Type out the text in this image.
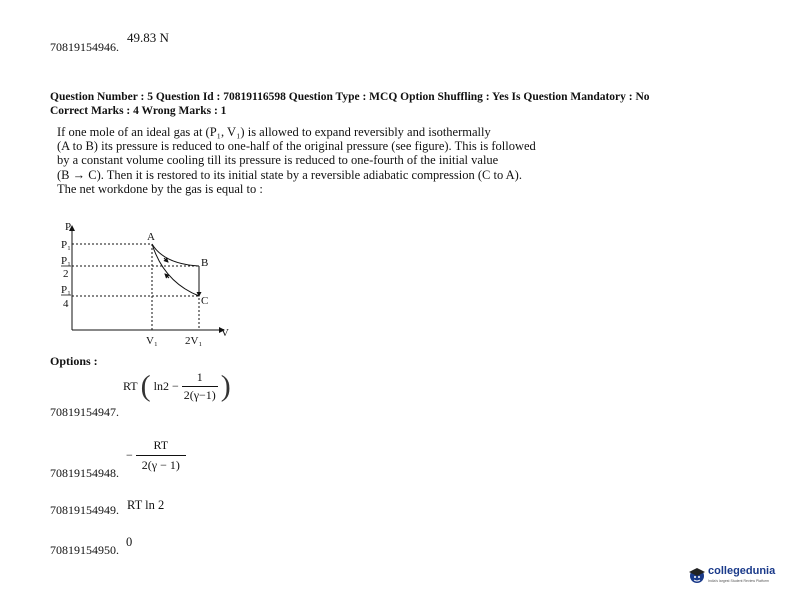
70819154946.
49.83 N
Question Number : 5 Question Id : 70819116598 Question Type : MCQ Option Shuffling : Yes Is Question Mandatory : No
Correct Marks : 4 Wrong Marks : 1
If one mole of an ideal gas at (P₁, V₁) is allowed to expand reversibly and isothermally
(A to B) its pressure is reduced to one-half of the original pressure (see figure). This is followed
by a constant volume cooling till its pressure is reduced to one-fourth of the initial value
(B → C). Then it is restored to its initial state by a reversible adiabatic compression (C to A).
The net workdone by the gas is equal to :
P
V
P₁
P₁
2
P₁
4
A
B
C
V₁ 2V₁
Options :
RT ( $\ln 2 - \frac{1}{2(\gamma-1)}$ )
70819154947.
− $\frac{RT}{2(\gamma - 1)}$
70819154948.
70819154949. RT ln 2
70819154950.
0
collegedunia
India's largest Student Review Platform
